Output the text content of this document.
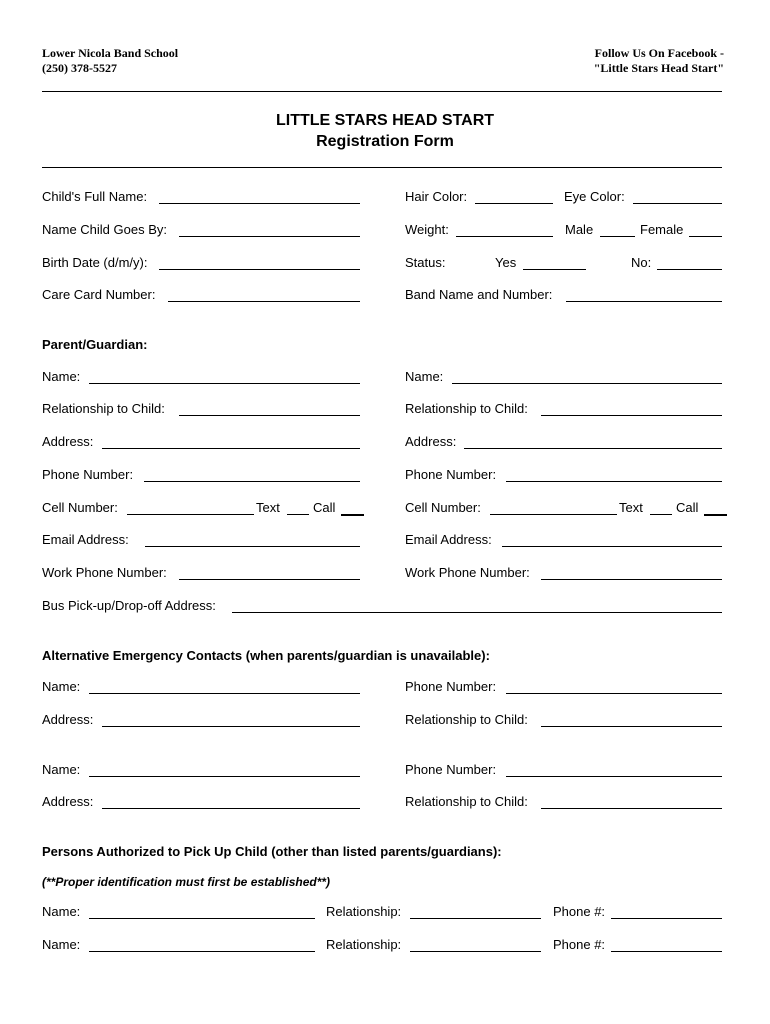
Lower Nicola Band School
(250) 378-5527
Follow Us On Facebook -
"Little Stars Head Start"
LITTLE STARS HEAD START
Registration Form
Child's Full Name:	Hair Color:	Eye Color:
Name Child Goes By:	Weight:	Male	Female
Birth Date (d/m/y):	Status:	Yes	No:
Care Card Number:	Band Name and Number:
Parent/Guardian:
Name:	Name:
Relationship to Child:	Relationship to Child:
Address:	Address:
Phone Number:	Phone Number:
Cell Number:	Text	Call	Cell Number:	Text	Call
Email Address:	Email Address:
Work Phone Number:	Work Phone Number:
Bus Pick-up/Drop-off Address:
Alternative Emergency Contacts (when parents/guardian is unavailable):
Name:	Phone Number:
Address:	Relationship to Child:
Name:	Phone Number:
Address:	Relationship to Child:
Persons Authorized to Pick Up Child (other than listed parents/guardians):
(**Proper identification must first be established**)
Name:	Relationship:	Phone #:
Name:	Relationship:	Phone #:
